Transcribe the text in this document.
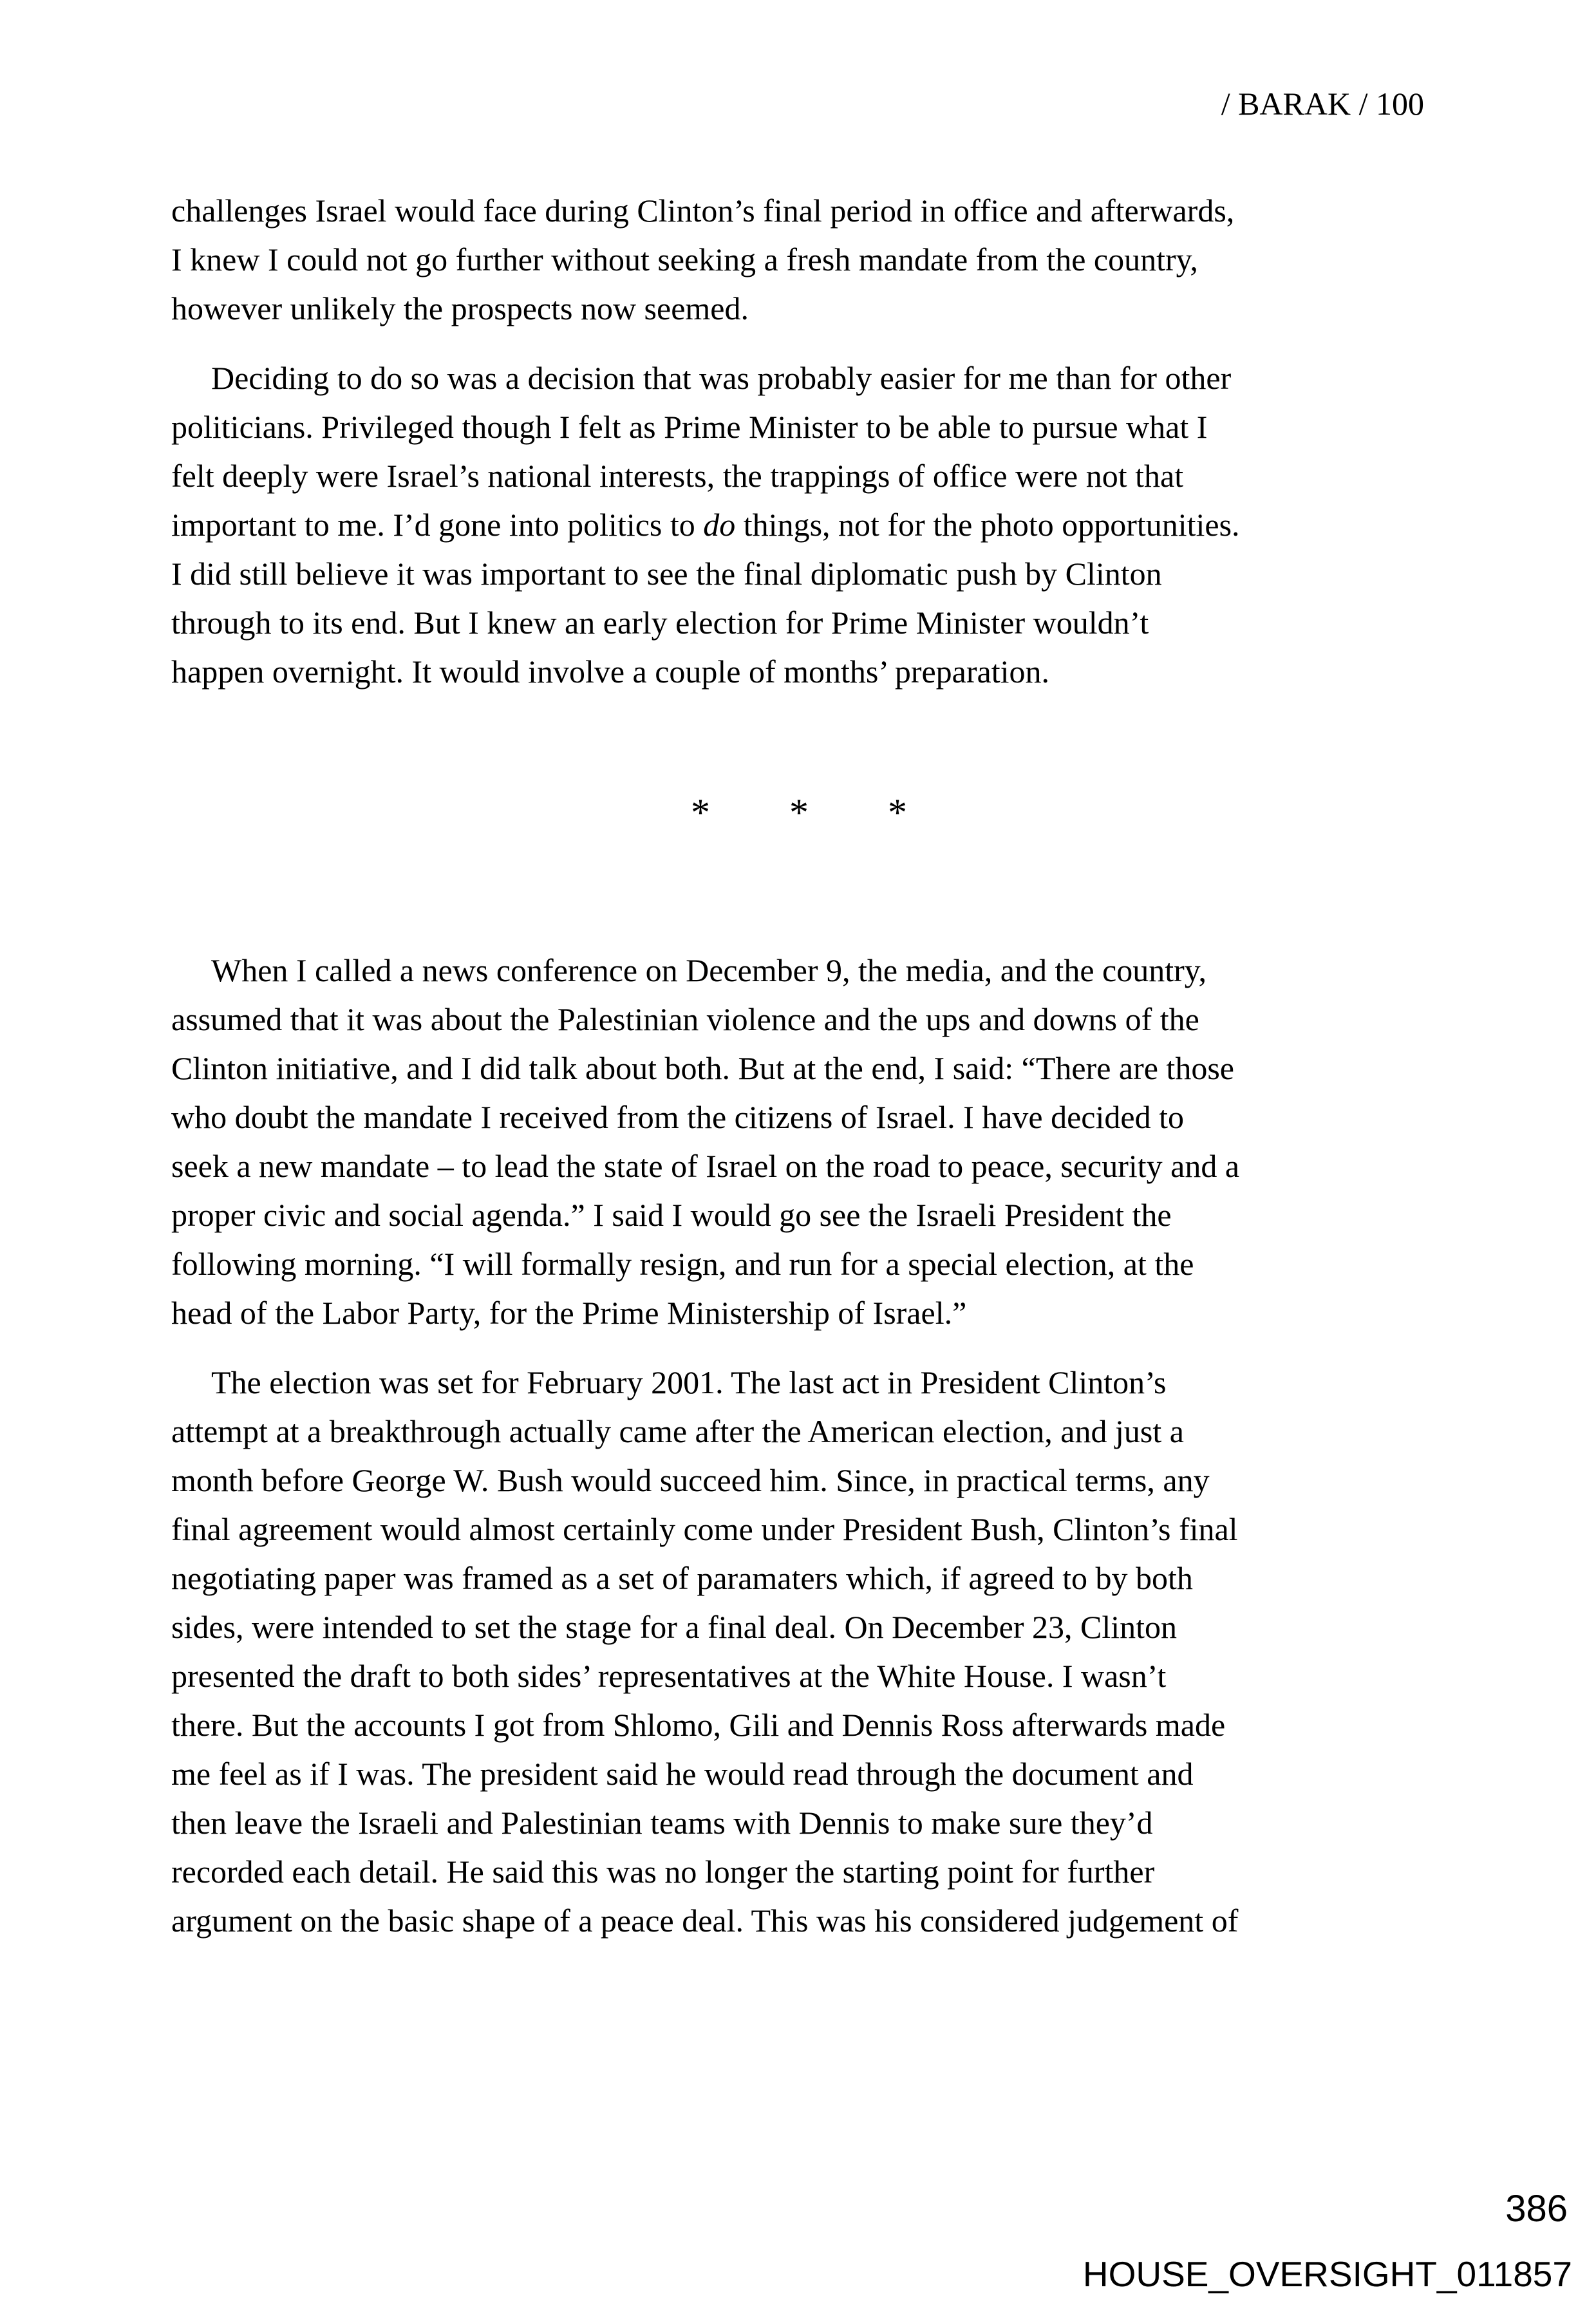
/ BARAK / 100
challenges Israel would face during Clinton’s final period in office and afterwards,
I knew I could not go further without seeking a fresh mandate from the country,
however unlikely the prospects now seemed.
Deciding to do so was a decision that was probably easier for me than for other
politicians. Privileged though I felt as Prime Minister to be able to pursue what I
felt deeply were Israel’s national interests, the trappings of office were not that
important to me. I’d gone into politics to do things, not for the photo opportunities.
I did still believe it was important to see the final diplomatic push by Clinton
through to its end. But I knew an early election for Prime Minister wouldn’t
happen overnight. It would involve a couple of months’ preparation.
* * *
When I called a news conference on December 9, the media, and the country,
assumed that it was about the Palestinian violence and the ups and downs of the
Clinton initiative, and I did talk about both. But at the end, I said: “There are those
who doubt the mandate I received from the citizens of Israel. I have decided to
seek a new mandate – to lead the state of Israel on the road to peace, security and a
proper civic and social agenda.” I said I would go see the Israeli President the
following morning. “I will formally resign, and run for a special election, at the
head of the Labor Party, for the Prime Ministership of Israel.”
The election was set for February 2001. The last act in President Clinton’s
attempt at a breakthrough actually came after the American election, and just a
month before George W. Bush would succeed him. Since, in practical terms, any
final agreement would almost certainly come under President Bush, Clinton’s final
negotiating paper was framed as a set of paramaters which, if agreed to by both
sides, were intended to set the stage for a final deal. On December 23, Clinton
presented the draft to both sides’ representatives at the White House. I wasn’t
there. But the accounts I got from Shlomo, Gili and Dennis Ross afterwards made
me feel as if I was. The president said he would read through the document and
then leave the Israeli and Palestinian teams with Dennis to make sure they’d
recorded each detail. He said this was no longer the starting point for further
argument on the basic shape of a peace deal. This was his considered judgement of
386
HOUSE_OVERSIGHT_011857
